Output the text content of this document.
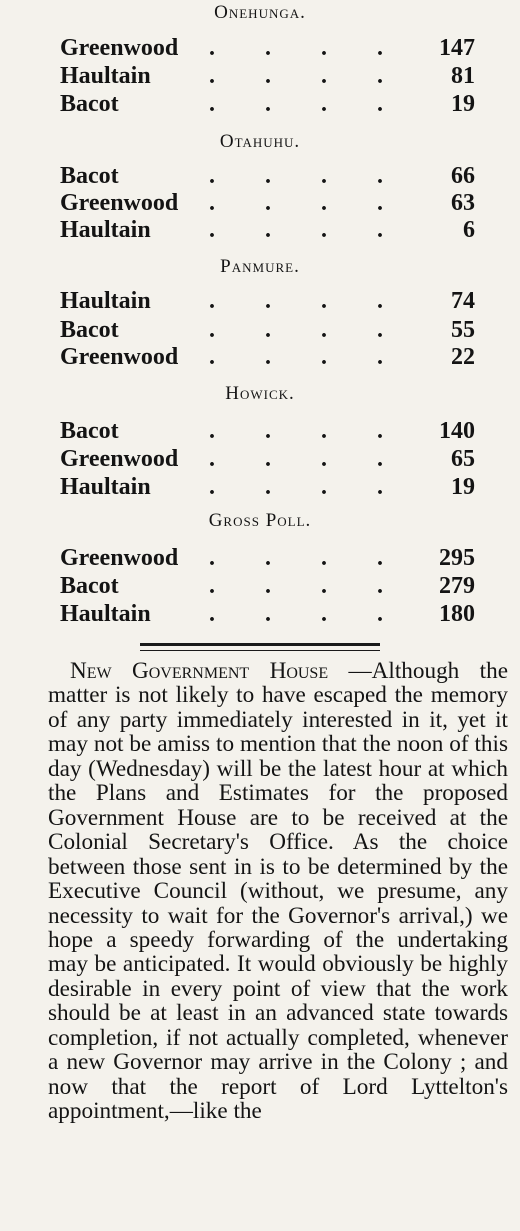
Onehunga.
Greenwood	. . . .	147
Haultain	. . . .	81
Bacot	. . . .	19
Otahuhu.
Bacot	. . . .	66
Greenwood	. . . .	63
Haultain	. . . .	6
Panmure.
Haultain	. . . .	74
Bacot	. . . .	55
Greenwood	. . . .	22
Howick.
Bacot	. . . .	140
Greenwood	. . . .	65
Haultain	. . . .	19
Gross Poll.
Greenwood	. . . .	295
Bacot	. . . .	279
Haultain	. . . .	180
New Government House —Although the matter is not likely to have escaped the memory of any party immediately interested in it, yet it may not be amiss to mention that the noon of this day (Wednesday) will be the latest hour at which the Plans and Estimates for the proposed Government House are to be received at the Colonial Secretary's Office. As the choice between those sent in is to be determined by the Executive Council (without, we presume, any necessity to wait for the Governor's arrival,) we hope a speedy forwarding of the undertaking may be anticipated. It would obviously be highly desirable in every point of view that the work should be at least in an advanced state towards completion, if not actually completed, whenever a new Governor may arrive in the Colony ; and now that the report of Lord Lyttelton's appointment,—like the
